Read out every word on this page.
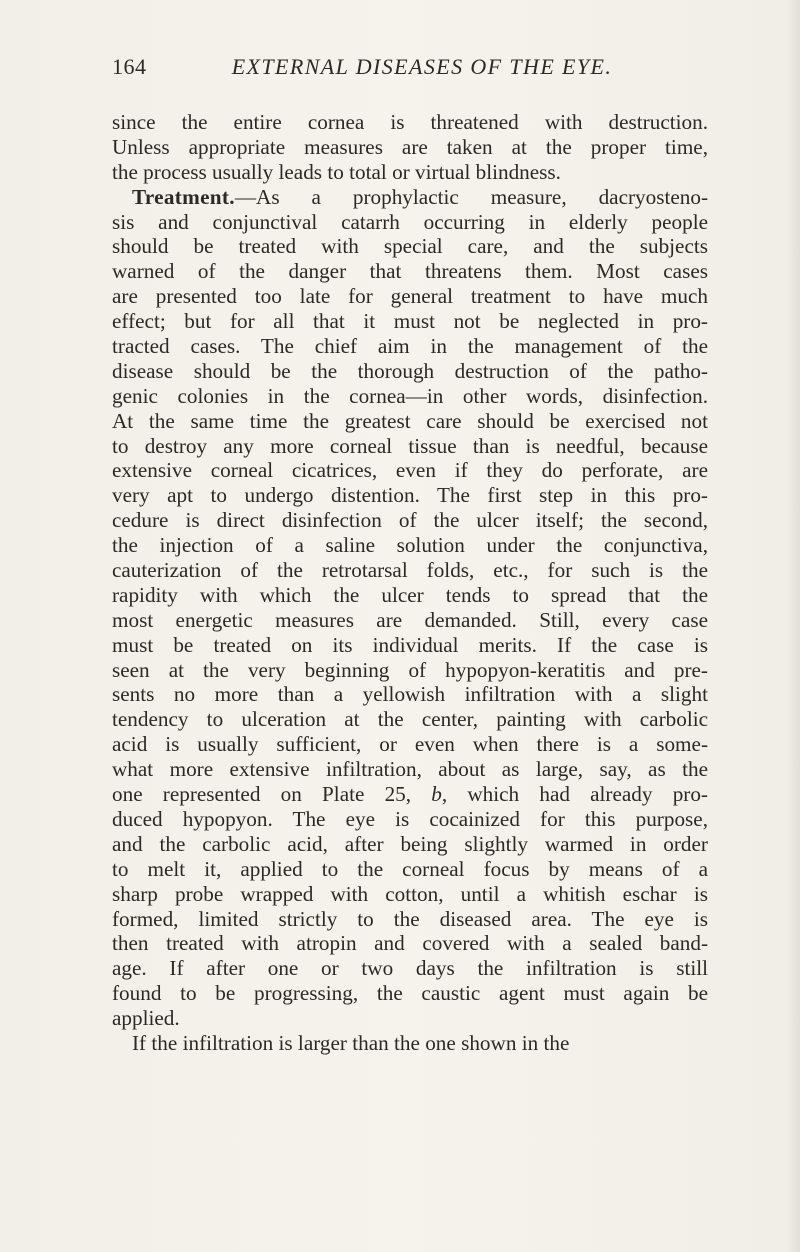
164	EXTERNAL DISEASES OF THE EYE.
since the entire cornea is threatened with destruction.
Unless appropriate measures are taken at the proper time,
the process usually leads to total or virtual blindness.
Treatment.—As a prophylactic measure, dacryosteno-
sis and conjunctival catarrh occurring in elderly people
should be treated with special care, and the subjects
warned of the danger that threatens them. Most cases
are presented too late for general treatment to have much
effect; but for all that it must not be neglected in pro-
tracted cases. The chief aim in the management of the
disease should be the thorough destruction of the patho-
genic colonies in the cornea—in other words, disinfection.
At the same time the greatest care should be exercised not
to destroy any more corneal tissue than is needful, because
extensive corneal cicatrices, even if they do perforate, are
very apt to undergo distention. The first step in this pro-
cedure is direct disinfection of the ulcer itself; the second,
the injection of a saline solution under the conjunctiva,
cauterization of the retrotarsal folds, etc., for such is the
rapidity with which the ulcer tends to spread that the
most energetic measures are demanded. Still, every case
must be treated on its individual merits. If the case is
seen at the very beginning of hypopyon-keratitis and pre-
sents no more than a yellowish infiltration with a slight
tendency to ulceration at the center, painting with carbolic
acid is usually sufficient, or even when there is a some-
what more extensive infiltration, about as large, say, as the
one represented on Plate 25, b, which had already pro-
duced hypopyon. The eye is cocainized for this purpose,
and the carbolic acid, after being slightly warmed in order
to melt it, applied to the corneal focus by means of a
sharp probe wrapped with cotton, until a whitish eschar is
formed, limited strictly to the diseased area. The eye is
then treated with atropin and covered with a sealed band-
age. If after one or two days the infiltration is still
found to be progressing, the caustic agent must again be
applied.
If the infiltration is larger than the one shown in the
